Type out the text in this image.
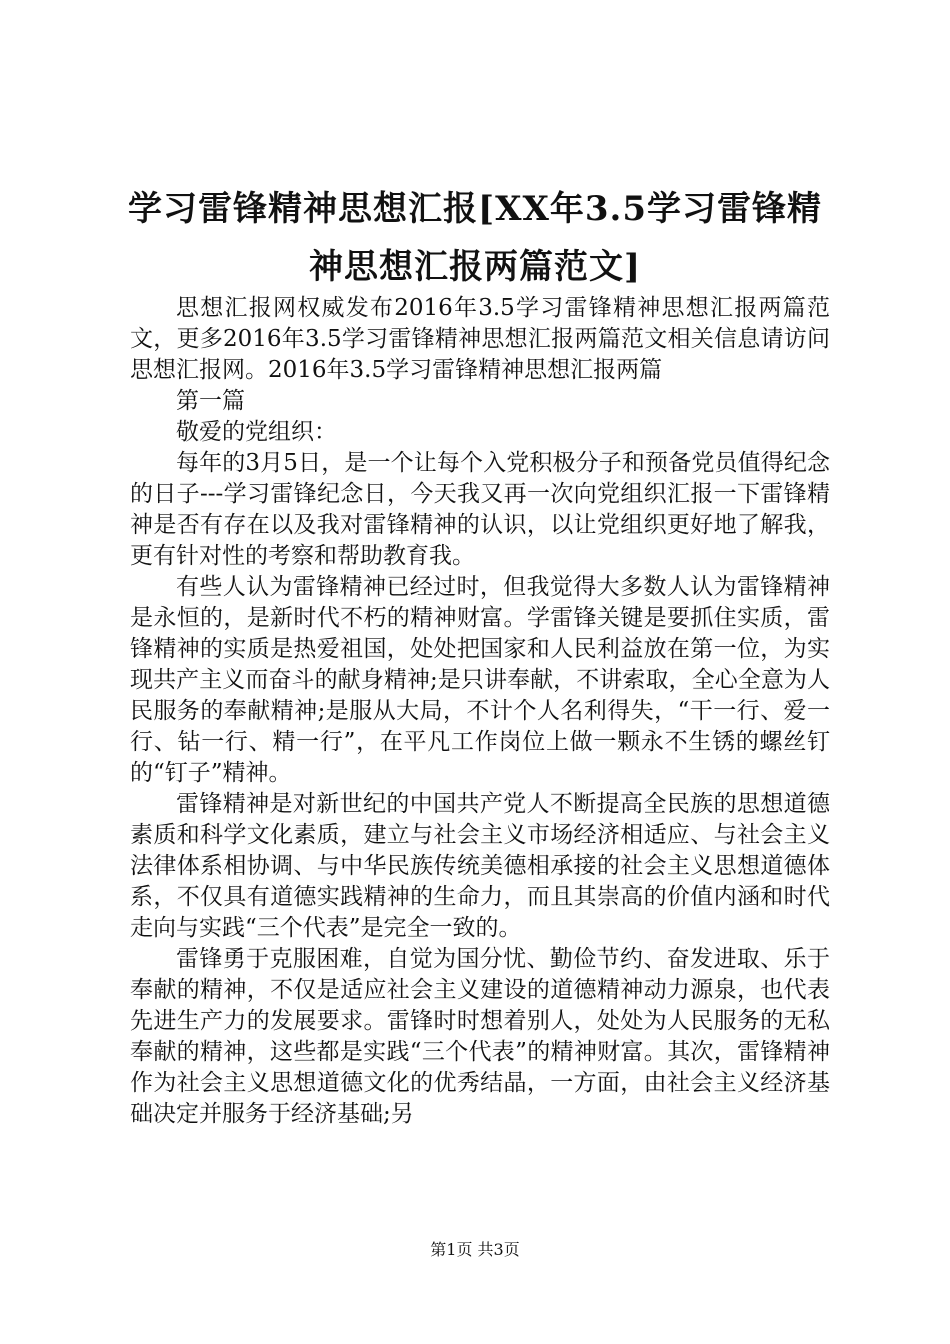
学习雷锋精神思想汇报[XX年3.5学习雷锋精神思想汇报两篇范文]

思想汇报网权威发布2016年3.5学习雷锋精神思想汇报两篇范文，更多2016年3.5学习雷锋精神思想汇报两篇范文相关信息请访问思想汇报网。2016年3.5学习雷锋精神思想汇报两篇

第一篇

敬爱的党组织：

每年的3月5日，是一个让每个入党积极分子和预备党员值得纪念的日子---学习雷锋纪念日，今天我又再一次向党组织汇报一下雷锋精神是否有存在以及我对雷锋精神的认识，以让党组织更好地了解我，更有针对性的考察和帮助教育我。

有些人认为雷锋精神已经过时，但我觉得大多数人认为雷锋精神是永恒的，是新时代不朽的精神财富。学雷锋关键是要抓住实质，雷锋精神的实质是热爱祖国，处处把国家和人民利益放在第一位，为实现共产主义而奋斗的献身精神;是只讲奉献，不讲索取，全心全意为人民服务的奉献精神;是服从大局，不计个人名利得失，“干一行、爱一行、钻一行、精一行”，在平凡工作岗位上做一颗永不生锈的螺丝钉的“钉子”精神。

雷锋精神是对新世纪的中国共产党人不断提高全民族的思想道德素质和科学文化素质，建立与社会主义市场经济相适应、与社会主义法律体系相协调、与中华民族传统美德相承接的社会主义思想道德体系，不仅具有道德实践精神的生命力，而且其崇高的价值内涵和时代走向与实践“三个代表”是完全一致的。

雷锋勇于克服困难，自觉为国分忧、勤俭节约、奋发进取、乐于奉献的精神，不仅是适应社会主义建设的道德精神动力源泉，也代表先进生产力的发展要求。雷锋时时想着别人，处处为人民服务的无私奉献的精神，这些都是实践“三个代表”的精神财富。其次，雷锋精神作为社会主义思想道德文化的优秀结晶，一方面，由社会主义经济基础决定并服务于经济基础;另

第1页 共3页
